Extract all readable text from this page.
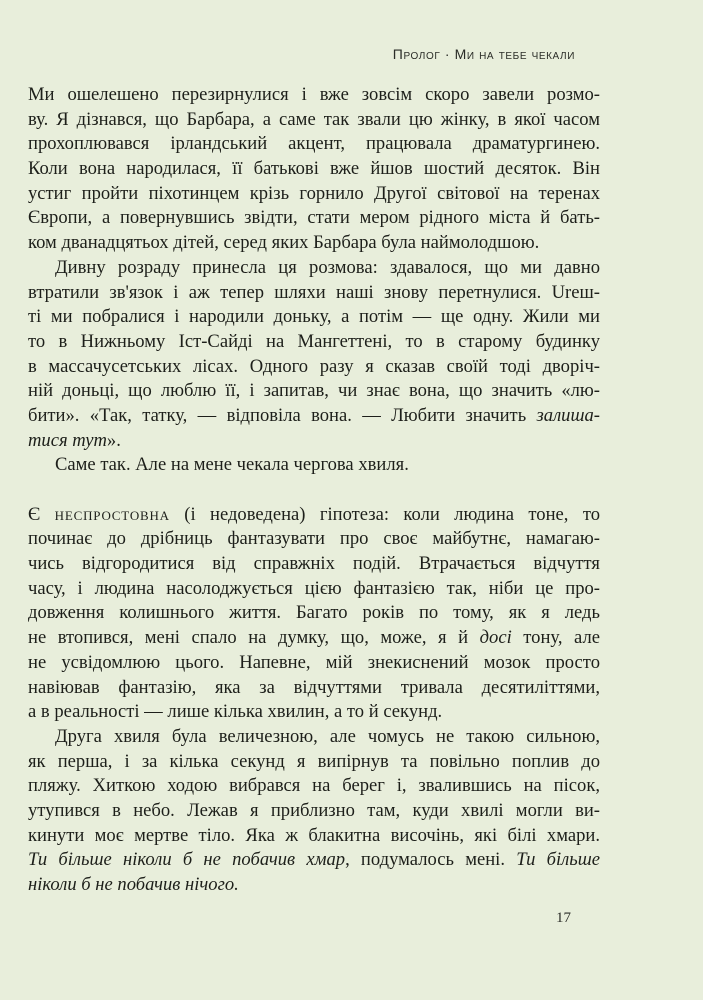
Пролог · Ми на тебе чекали
Ми ошелешено перезирнулися і вже зовсім скоро завели розмо-
ву. Я дізнався, що Барбара, а саме так звали цю жінку, в якої часом
прохоплювався ірландський акцент, працювала драматургинею.
Коли вона народилася, її батькові вже йшов шостий десяток. Він
устиг пройти піхотинцем крізь горнило Другої світової на теренах
Європи, а повернувшись звідти, стати мером рідного міста й бать-
ком дванадцятьох дітей, серед яких Барбара була наймолодшою.
Дивну розраду принесла ця розмова: здавалося, що ми давно
втратили зв'язок і аж тепер шляхи наші знову перетнулися. Ureш-
ті ми побралися і народили доньку, а потім — ще одну. Жили ми
то в Нижньому Іст-Сайді на Мангеттені, то в старому будинку
в массачусетських лісах. Одного разу я сказав своїй тоді дворіч-
ній доньці, що люблю її, і запитав, чи знає вона, що значить «лю-
бити». «Так, татку, — відповіла вона. — Любити значить залиша-
тися тут».
Саме так. Але на мене чекала чергова хвиля.
Є неспростовна (і недоведена) гіпотеза: коли людина тоне, то
починає до дрібниць фантазувати про своє майбутнє, намагаю-
чись відгородитися від справжніх подій. Втрачається відчуття
часу, і людина насолоджується цією фантазією так, ніби це про-
довження колишнього життя. Багато років по тому, як я ледь
не втопився, мені спало на думку, що, може, я й досі тону, але
не усвідомлюю цього. Напевне, мій знекиснений мозок просто
навіював фантазію, яка за відчуттями тривала десятиліттями,
а в реальності — лише кілька хвилин, а то й секунд.
Друга хвиля була величезною, але чомусь не такою сильною,
як перша, і за кілька секунд я випірнув та повільно поплив до
пляжу. Хиткою ходою вибрався на берег і, звалившись на пісок,
утупився в небо. Лежав я приблизно там, куди хвилі могли ви-
кинути моє мертве тіло. Яка ж блакитна височінь, які білі хмари.
Ти більше ніколи б не побачив хмар, подумалось мені. Ти більше
ніколи б не побачив нічого.
17
